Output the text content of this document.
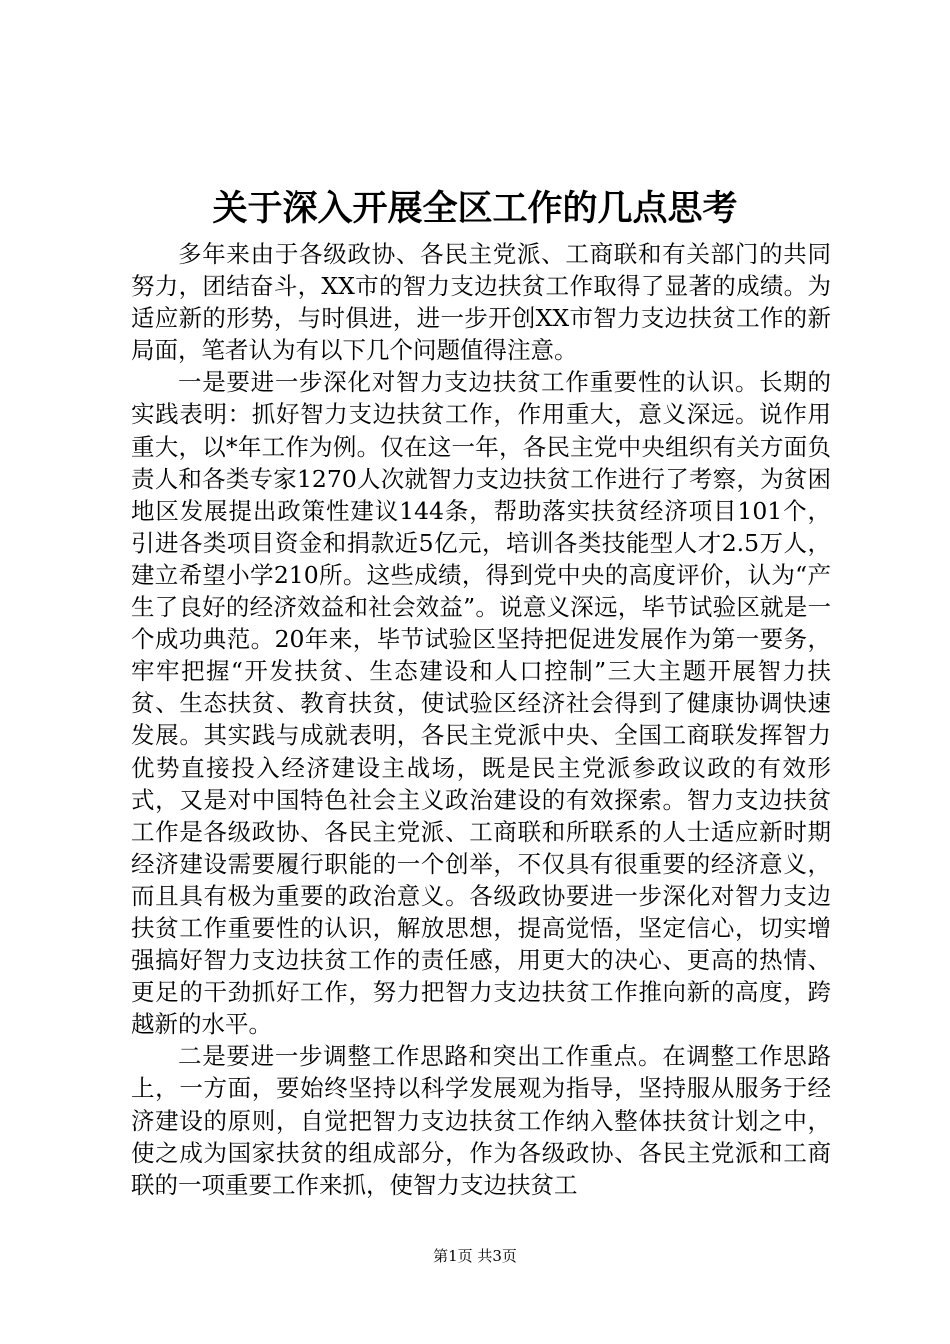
关于深入开展全区工作的几点思考

多年来由于各级政协、各民主党派、工商联和有关部门的共同努力，团结奋斗，XX市的智力支边扶贫工作取得了显著的成绩。为适应新的形势，与时俱进，进一步开创XX市智力支边扶贫工作的新局面，笔者认为有以下几个问题值得注意。

一是要进一步深化对智力支边扶贫工作重要性的认识。长期的实践表明：抓好智力支边扶贫工作，作用重大，意义深远。说作用重大，以*年工作为例。仅在这一年，各民主党中央组织有关方面负责人和各类专家1270人次就智力支边扶贫工作进行了考察，为贫困地区发展提出政策性建议144条，帮助落实扶贫经济项目101个，引进各类项目资金和捐款近5亿元，培训各类技能型人才2.5万人，建立希望小学210所。这些成绩，得到党中央的高度评价，认为“产生了良好的经济效益和社会效益”。说意义深远，毕节试验区就是一个成功典范。20年来，毕节试验区坚持把促进发展作为第一要务，牢牢把握“开发扶贫、生态建设和人口控制”三大主题开展智力扶贫、生态扶贫、教育扶贫，使试验区经济社会得到了健康协调快速发展。其实践与成就表明，各民主党派中央、全国工商联发挥智力优势直接投入经济建设主战场，既是民主党派参政议政的有效形式，又是对中国特色社会主义政治建设的有效探索。智力支边扶贫工作是各级政协、各民主党派、工商联和所联系的人士适应新时期经济建设需要履行职能的一个创举，不仅具有很重要的经济意义，而且具有极为重要的政治意义。各级政协要进一步深化对智力支边扶贫工作重要性的认识，解放思想，提高觉悟，坚定信心，切实增强搞好智力支边扶贫工作的责任感，用更大的决心、更高的热情、更足的干劲抓好工作，努力把智力支边扶贫工作推向新的高度，跨越新的水平。

二是要进一步调整工作思路和突出工作重点。在调整工作思路上，一方面，要始终坚持以科学发展观为指导，坚持服从服务于经济建设的原则，自觉把智力支边扶贫工作纳入整体扶贫计划之中，使之成为国家扶贫的组成部分，作为各级政协、各民主党派和工商联的一项重要工作来抓，使智力支边扶贫工

第1页 共3页
